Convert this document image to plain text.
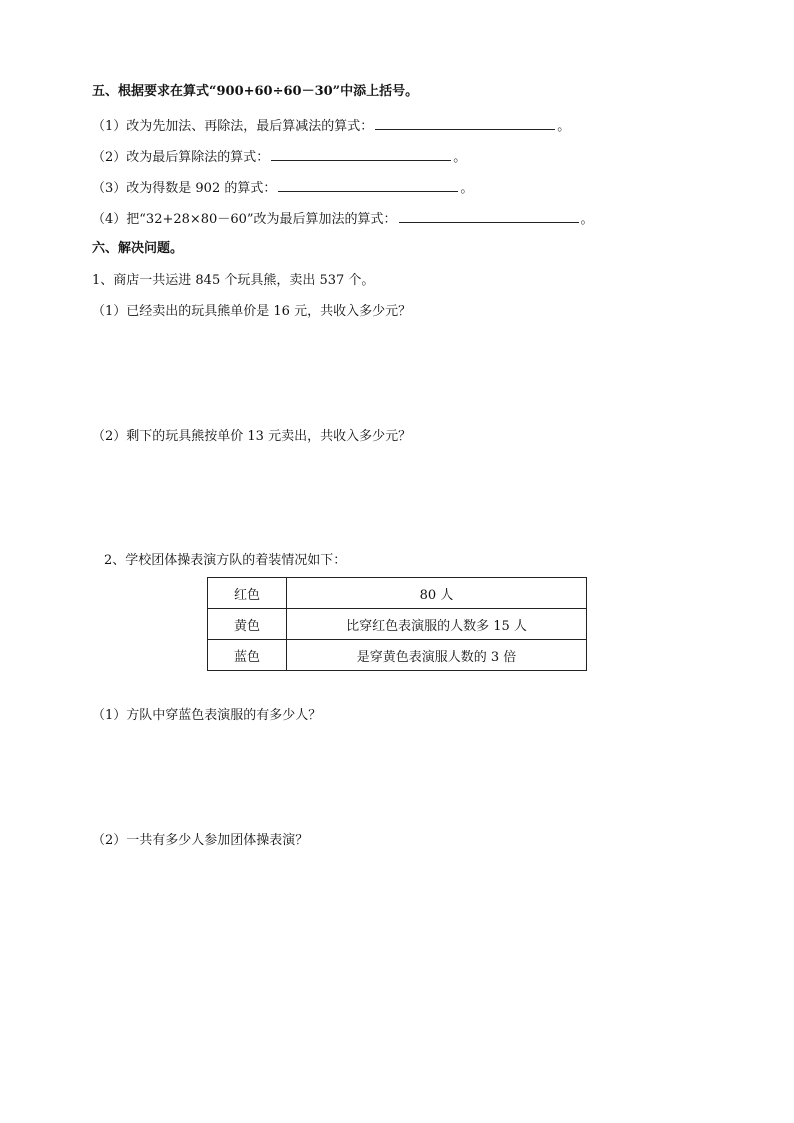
五、根据要求在算式“900+60÷60－30”中添上括号。
（1）改为先加法、再除法，最后算减法的算式：	。
（2）改为最后算除法的算式：	。
（3）改为得数是 902 的算式：	。
（4）把“32+28×80－60”改为最后算加法的算式：	。
六、解决问题。
1、商店一共运进 845 个玩具熊，卖出 537 个。
（1）已经卖出的玩具熊单价是 16 元，共收入多少元？
（2）剩下的玩具熊按单价 13 元卖出，共收入多少元？
2、学校团体操表演方队的着装情况如下：
红色	80 人
黄色	比穿红色表演服的人数多 15 人
蓝色	是穿黄色表演服人数的 3 倍
（1）方队中穿蓝色表演服的有多少人？
（2）一共有多少人参加团体操表演？
